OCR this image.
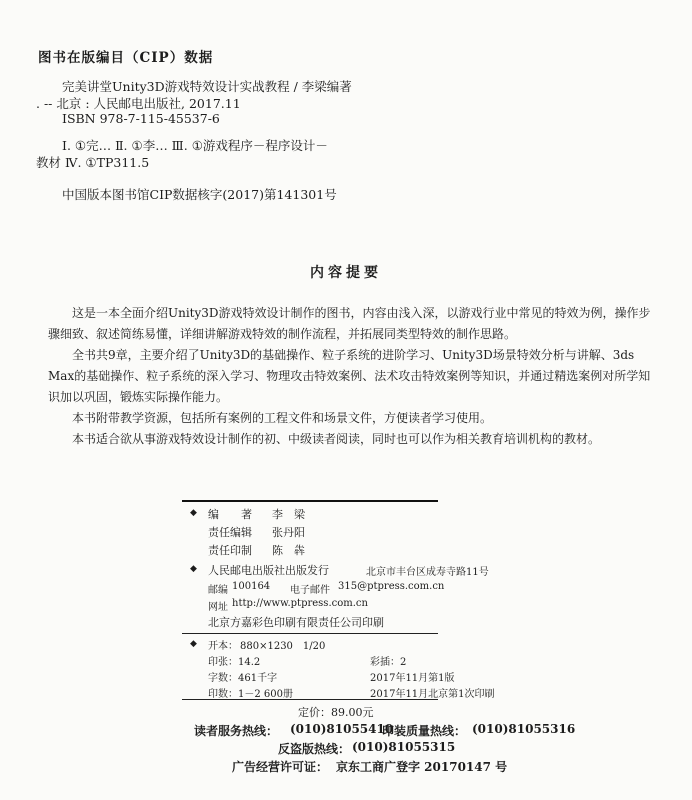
图书在版编目（CIP）数据
完美讲堂Unity3D游戏特效设计实战教程 / 李梁编著
. -- 北京 : 人民邮电出版社, 2017.11
ISBN 978-7-115-45537-6
Ⅰ. ①完… Ⅱ. ①李… Ⅲ. ①游戏程序－程序设计－
教材 Ⅳ. ①TP311.5
中国版本图书馆CIP数据核字(2017)第141301号
内容提要
这是一本全面介绍Unity3D游戏特效设计制作的图书，内容由浅入深，以游戏行业中常见的特效为例，操作步骤细致、叙述简练易懂，详细讲解游戏特效的制作流程，并拓展同类型特效的制作思路。
全书共9章，主要介绍了Unity3D的基础操作、粒子系统的进阶学习、Unity3D场景特效分析与讲解、3ds Max的基础操作、粒子系统的深入学习、物理攻击特效案例、法术攻击特效案例等知识，并通过精选案例对所学知识加以巩固，锻炼实际操作能力。
本书附带教学资源，包括所有案例的工程文件和场景文件，方便读者学习使用。
本书适合欲从事游戏特效设计制作的初、中级读者阅读，同时也可以作为相关教育培训机构的教材。
◆ 编　　著 李　梁
责任编辑 张丹阳
责任印制 陈　犇
◆ 人民邮电出版社出版发行	北京市丰台区成寿寺路11号
邮编 100164 电子邮件 315@ptpress.com.cn
网址 http://www.ptpress.com.cn
北京方嘉彩色印刷有限责任公司印刷
◆ 开本： 880×1230　1/20
印张：14.2	彩插：2
字数：461千字	2017年11月第1版
印数：1－2 600册	2017年11月北京第1次印刷
定价：89.00元
读者服务热线： (010)81055410
印装质量热线： (010)81055316
反盗版热线： (010)81055315
广告经营许可证： 京东工商广登字 20170147 号
